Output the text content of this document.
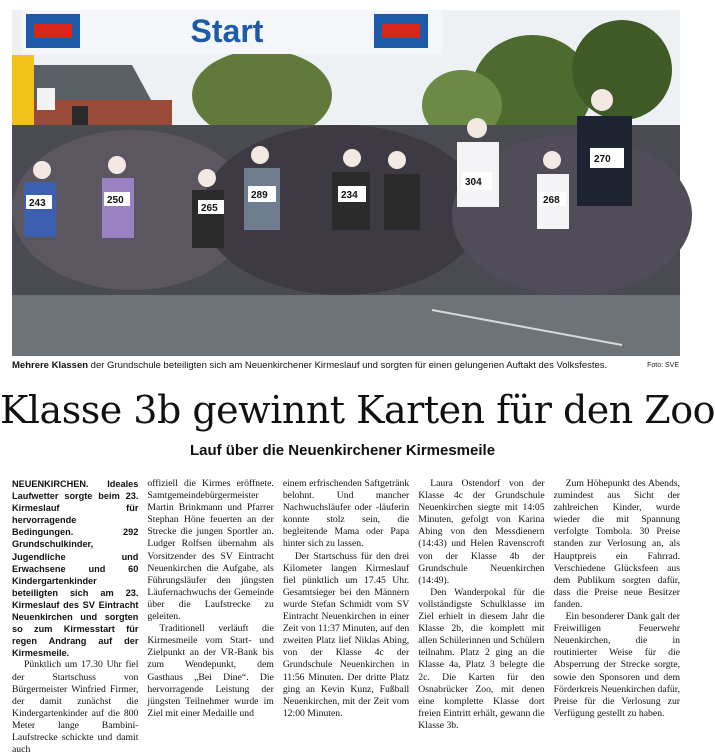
243	250	289	234
304
270
268
265
Start
Mehrere Klassen der Grundschule beteiligten sich am Neuenkirchener Kirmeslauf und sorgten für einen gelungenen Auftakt des Volksfestes.	Foto: SVE
Klasse 3b gewinnt Karten für den Zoo
Lauf über die Neuenkirchener Kirmesmeile

NEUENKIRCHEN. Ideales Laufwetter sorgte beim 23. Kirmeslauf für hervorragende Bedingungen. 292 Grundschulkinder, Jugendliche und Erwachsene und 60 Kindergartenkinder beteiligten sich am 23. Kirmeslauf des SV Eintracht Neuenkirchen und sorgten so zum Kirmesstart für regen Andrang auf der Kirmesmeile.

Pünktlich um 17.30 Uhr fiel der Startschuss von Bürgermeister Winfried Firmer, der damit zunächst die Kindergartenkinder auf die 800 Meter lange Bambini-Laufstrecke schickte und damit auch

offiziell die Kirmes eröffnete. Samtgemeindebürgermeister Martin Brinkmann und Pfarrer Stephan Höne feuerten an der Strecke die jungen Sportler an. Ludger Rolfsen übernahm als Vorsitzender des SV Eintracht Neuenkirchen die Aufgabe, als Führungsläufer den jüngsten Läufernachwuchs der Gemeinde über die Laufstrecke zu geleiten.

Traditionell verläuft die Kirmesmeile vom Start- und Zielpunkt an der VR-Bank bis zum Wendepunkt, dem Gasthaus „Bei Dine“. Die hervorragende Leistung der jüngsten Teilnehmer wurde im Ziel mit einer Medaille und

einem erfrischenden Saftgetränk belohnt. Und mancher Nachwuchsläufer oder -läuferin konnte stolz sein, die begleitende Mama oder Papa hinter sich zu lassen.

Der Startschuss für den drei Kilometer langen Kirmeslauf fiel pünktlich um 17.45 Uhr. Gesamtsieger bei den Männern wurde Stefan Schmidt vom SV Eintracht Neuenkirchen in einer Zeit von 11:37 Minuten, auf den zweiten Platz lief Niklas Abing, von der Klasse 4c der Grundschule Neuenkirchen in 11:56 Minuten. Der dritte Platz ging an Kevin Kunz, Fußball Neuenkirchen, mit der Zeit vom 12:00 Minuten.

Laura Ostendorf von der Klasse 4c der Grundschule Neuenkirchen siegte mit 14:05 Minuten, gefolgt von Karina Abing von den Messdienern (14:43) und Helen Ravenscroft von der Klasse 4b der Grundschule Neuenkirchen (14:49).

Den Wanderpokal für die vollständigste Schulklasse im Ziel erhielt in diesem Jahr die Klasse 2b, die komplett mit allen Schülerinnen und Schülern teilnahm. Platz 2 ging an die Klasse 4a, Platz 3 belegte die 2c. Die Karten für den Osnabrücker Zoo, mit denen eine komplette Klasse dort freien Eintritt erhält, gewann die Klasse 3b.

Zum Höhepunkt des Abends, zumindest aus Sicht der zahlreichen Kinder, wurde wieder die mit Spannung verfolgte Tombola. 30 Preise standen zur Verlosung an, als Hauptpreis ein Fahrrad. Verschiedene Glücksfeen aus dem Publikum sorgten dafür, dass die Preise neue Besitzer fanden.

Ein besonderer Dank galt der Freiwilligen Feuerwehr Neuenkirchen, die in routinierter Weise für die Absperrung der Strecke sorgte, sowie den Sponsoren und dem Förderkreis Neuenkirchen dafür, Preise für die Verlosung zur Verfügung gestellt zu haben.
